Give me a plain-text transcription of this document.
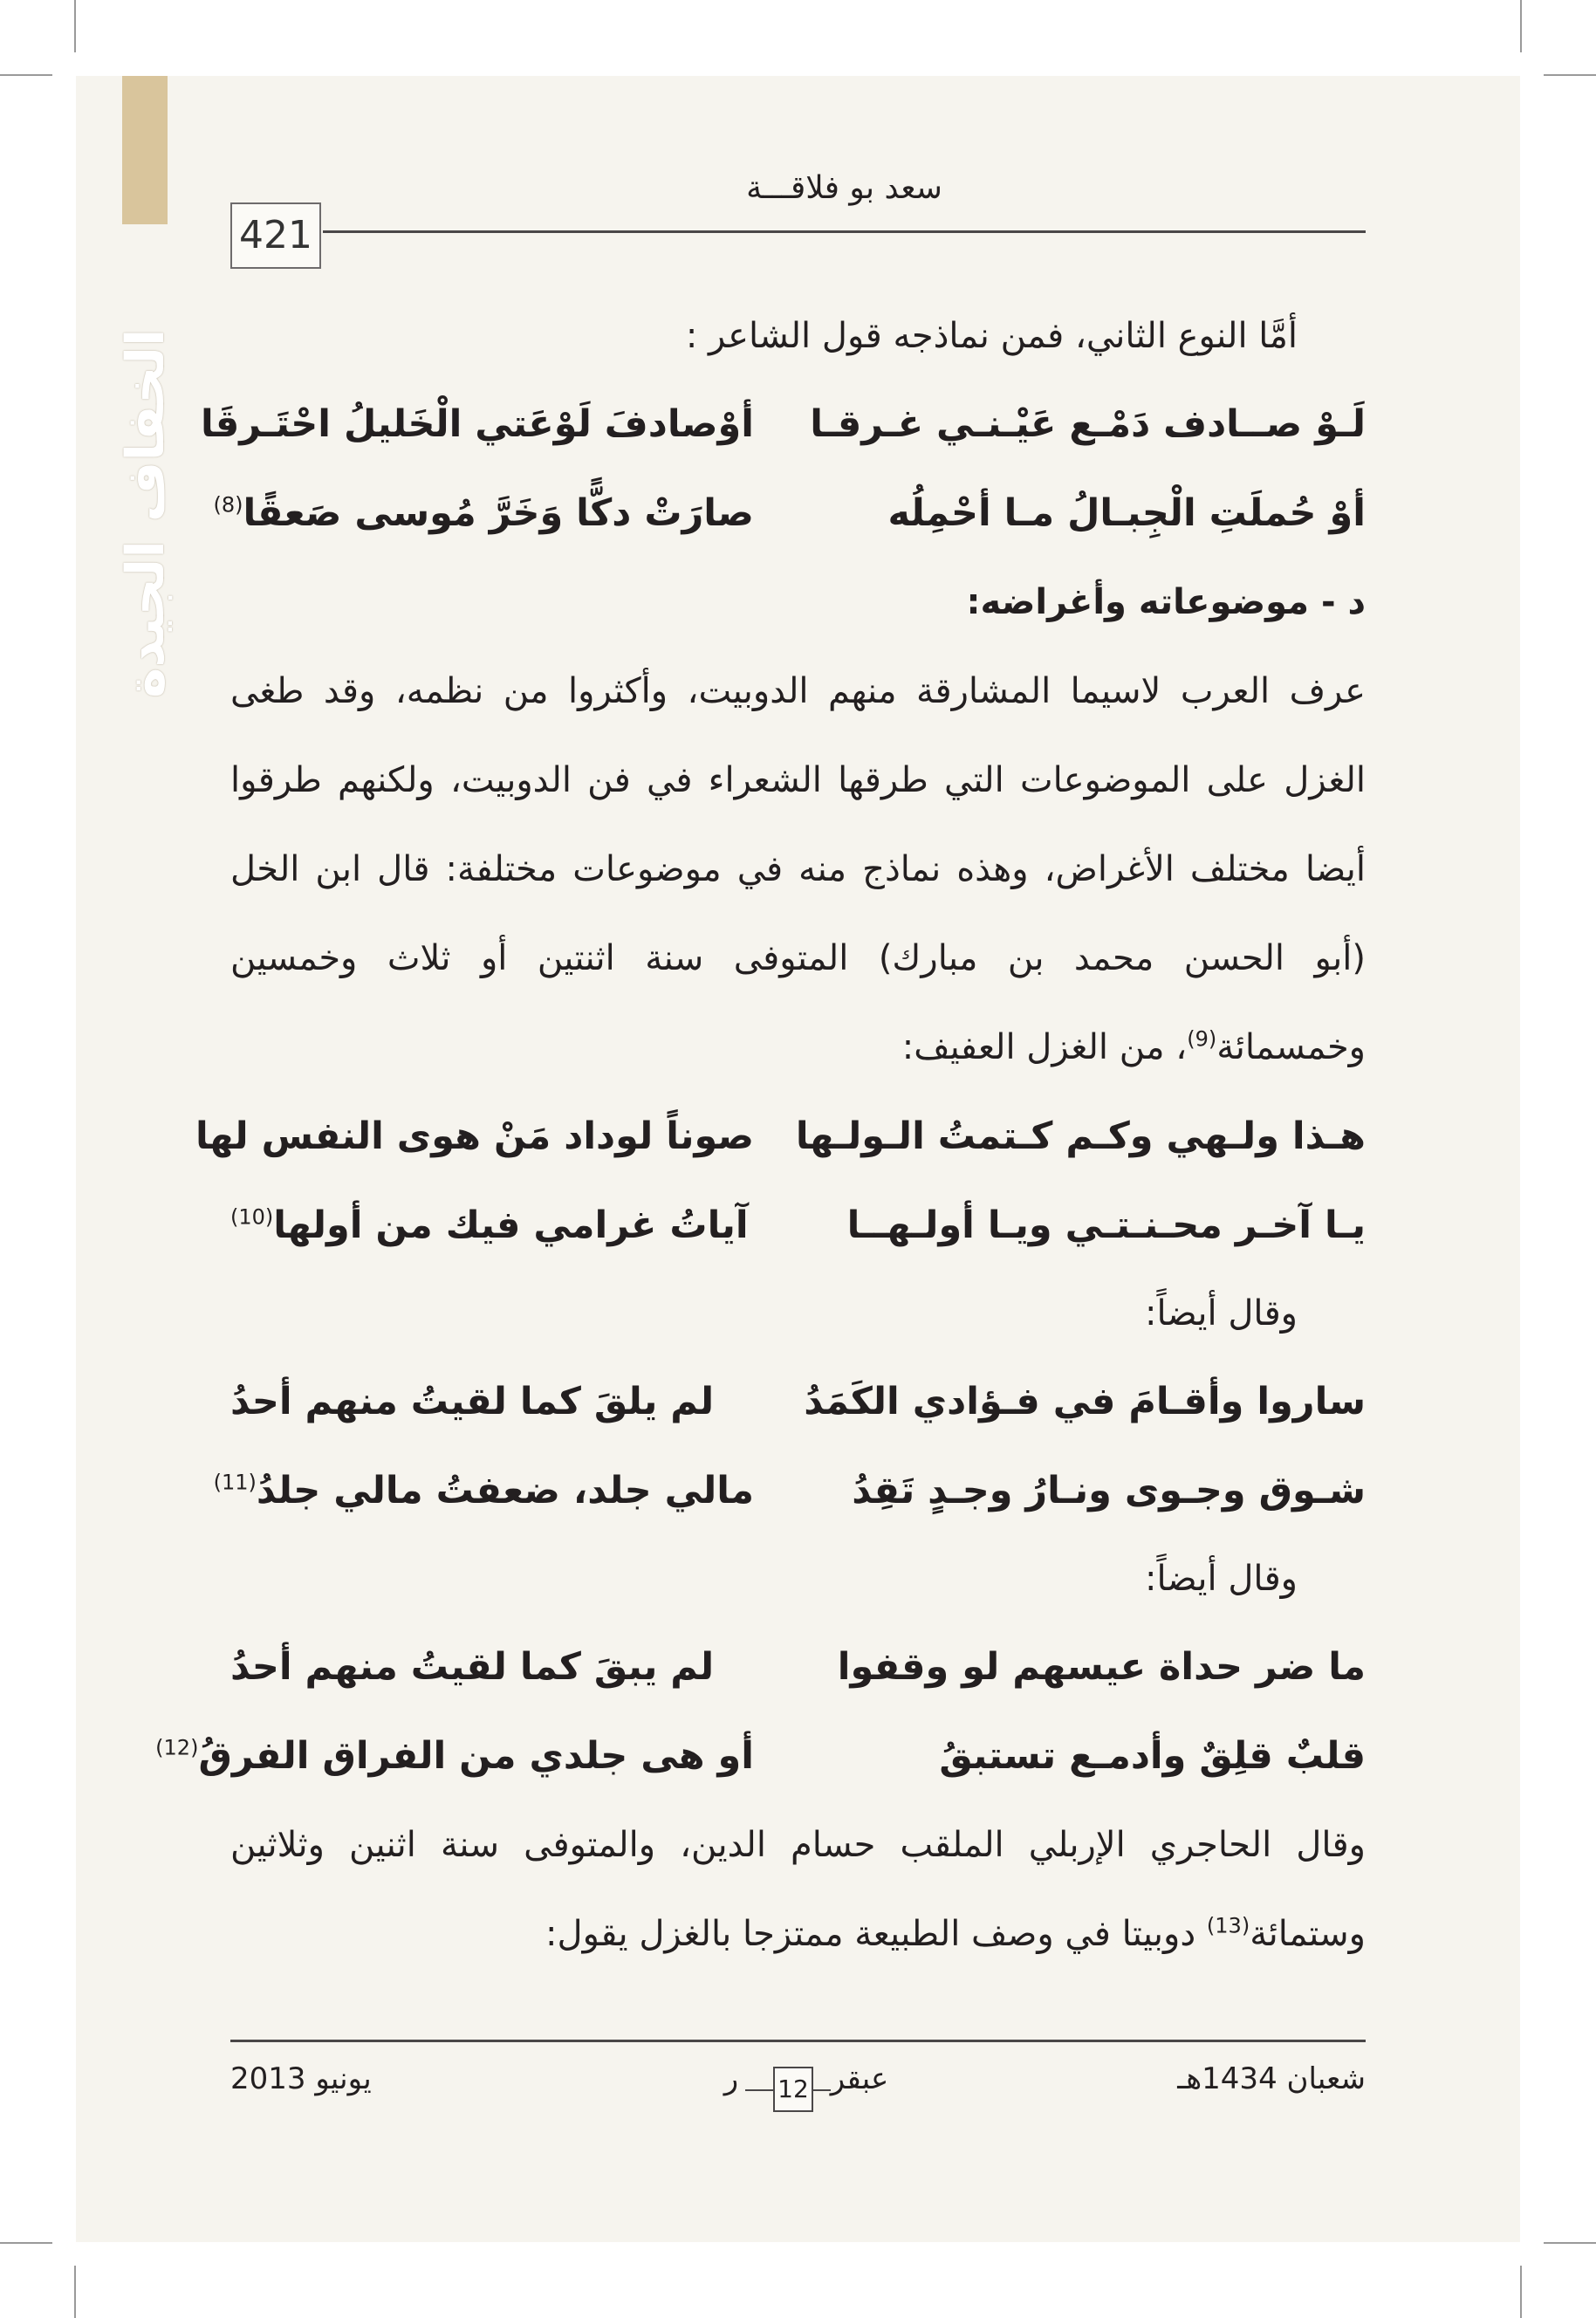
الخفاف الجيدة
سعد بو فلاقـــة
421

أمَّا النوع الثاني، فمن نماذجه قول الشاعر :

لَـوْ صــادف دَمْـع عَيْـنـي غـرقـا
أوْصادفَ لَوْعَتي الْخَليلُ احْتَـرقَا
أوْ حُملَتِ الْجِبـالُ مـا أحْمِلُه
صارَتْ دكًّا وَخَرَّ مُوسى صَعقًا$^{(8)}$

د - موضوعاته وأغراضه:

عرف العرب لاسيما المشارقة منهم الدوبيت، وأكثروا من نظمه، وقد طغى الغزل على الموضوعات التي طرقها الشعراء في فن الدوبيت، ولكنهم طرقوا أيضا مختلف الأغراض، وهذه نماذج منه في موضوعات مختلفة: قال ابن الخل (أبو الحسن محمد بن مبارك) المتوفى سنة اثنتين أو ثلاث وخمسين وخمسمائة$^{(9)}$، من الغزل العفيف:

هـذا ولـهي وكـم كـتمتُ الـولـها
صوناً لوداد مَنْ هوى النفس لها
يـا آخـر محـنـتـي ويـا أولـهــا
آياتُ غرامي فيك من أولها$^{(10)}$

وقال أيضاً:

ساروا وأقـامَ في فـؤادي الكَمَدُ
لم يلقَ كما لقيتُ منهم أحدُ
شـوق وجـوى ونـارُ وجـدٍ تَقِدُ
مالي جلد، ضعفتُ مالي جلدُ$^{(11)}$

وقال أيضاً:

ما ضر حداة عيسهم لو وقفوا
لم يبقَ كما لقيتُ منهم أحدُ
قلبٌ قلِقٌ وأدمـع تستبقُ
أو هى جلدي من الفراق الفرقُ$^{(12)}$

وقال الحاجري الإربلي الملقب حسام الدين، والمتوفى سنة اثنين وثلاثين وستمائة$^{(13)}$ دوبيتا في وصف الطبيعة ممتزجا بالغزل يقول:

شعبان 1434هـ
يونيو 2013	ر	12 عبقر
